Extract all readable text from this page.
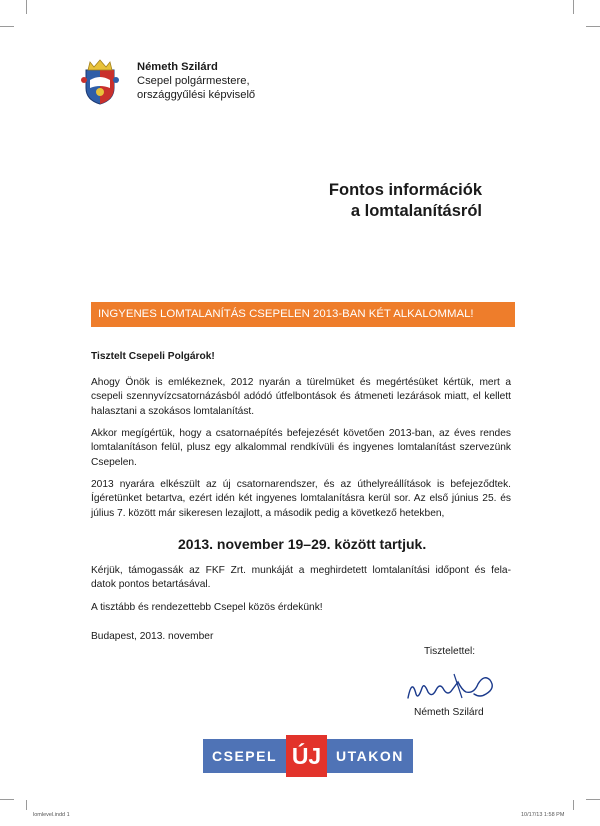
Németh Szilárd
Csepel polgármestere,
országgyűlési képviselő
Fontos információk
a lomtalanításról
INGYENES LOMTALANÍTÁS CSEPELEN 2013-BAN KÉT ALKALOMMAL!
Tisztelt Csepeli Polgárok!
Ahogy Önök is emlékeznek, 2012 nyarán a türelmüket és megértésüket kértük, mert a
csepeli szennyvízcsatornázásból adódó útfelbontások és átmeneti lezárások miatt, el kellett
halasztani a szokásos lomtalanítást.
Akkor megígértük, hogy a csatornaépítés befejezését követően 2013-ban, az éves rendes
lomtalanításon felül, plusz egy alkalommal rendkívüli és ingyenes lomtalanítást szervezünk
Csepelen.
2013 nyarára elkészült az új csatornarendszer, és az úthelyreállítások is befejeződtek.
Ígéretünket betartva, ezért idén két ingyenes lomtalanításra kerül sor. Az első június 25. és
július 7. között már sikeresen lezajlott, a második pedig a következő hetekben,
2013. november 19–29. között tartjuk.
Kérjük, támogassák az FKF Zrt. munkáját a meghirdetett lomtalanítási időpont és fela-
datok pontos betartásával.
A tisztább és rendezettebb Csepel közös érdekünk!
Budapest, 2013. november
Tisztelettel:
Németh Szilárd
CSEPEL ÚJ	UTAKON
lomlevel.indd 1	10/17/13 1:58 PM
